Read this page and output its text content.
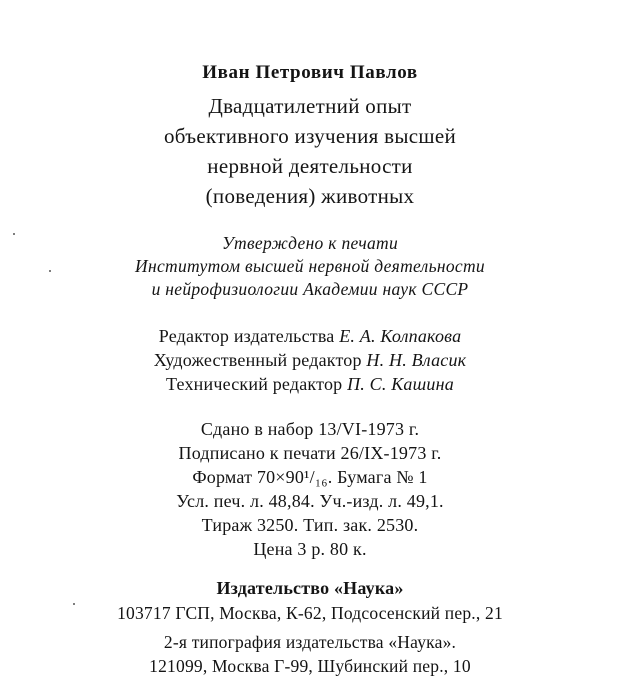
Иван Петрович Павлов
Двадцатилетний опыт
объективного изучения высшей
нервной деятельности
(поведения) животных
Утверждено к печати
Институтом высшей нервной деятельности
и нейрофизиологии Академии наук СССР
Редактор издательства Е. А. Колпакова
Художественный редактор Н. Н. Власик
Технический редактор П. С. Кашина
Сдано в набор 13/VI-1973 г.
Подписано к печати 26/IX-1973 г.
Формат 70×90¹/₁₆. Бумага № 1
Усл. печ. л. 48,84. Уч.-изд. л. 49,1.
Тираж 3250. Тип. зак. 2530.
Цена 3 р. 80 к.
Издательство «Наука»
103717 ГСП, Москва, К-62, Подсосенский пер., 21
2-я типография издательства «Наука».
121099, Москва Г-99, Шубинский пер., 10
